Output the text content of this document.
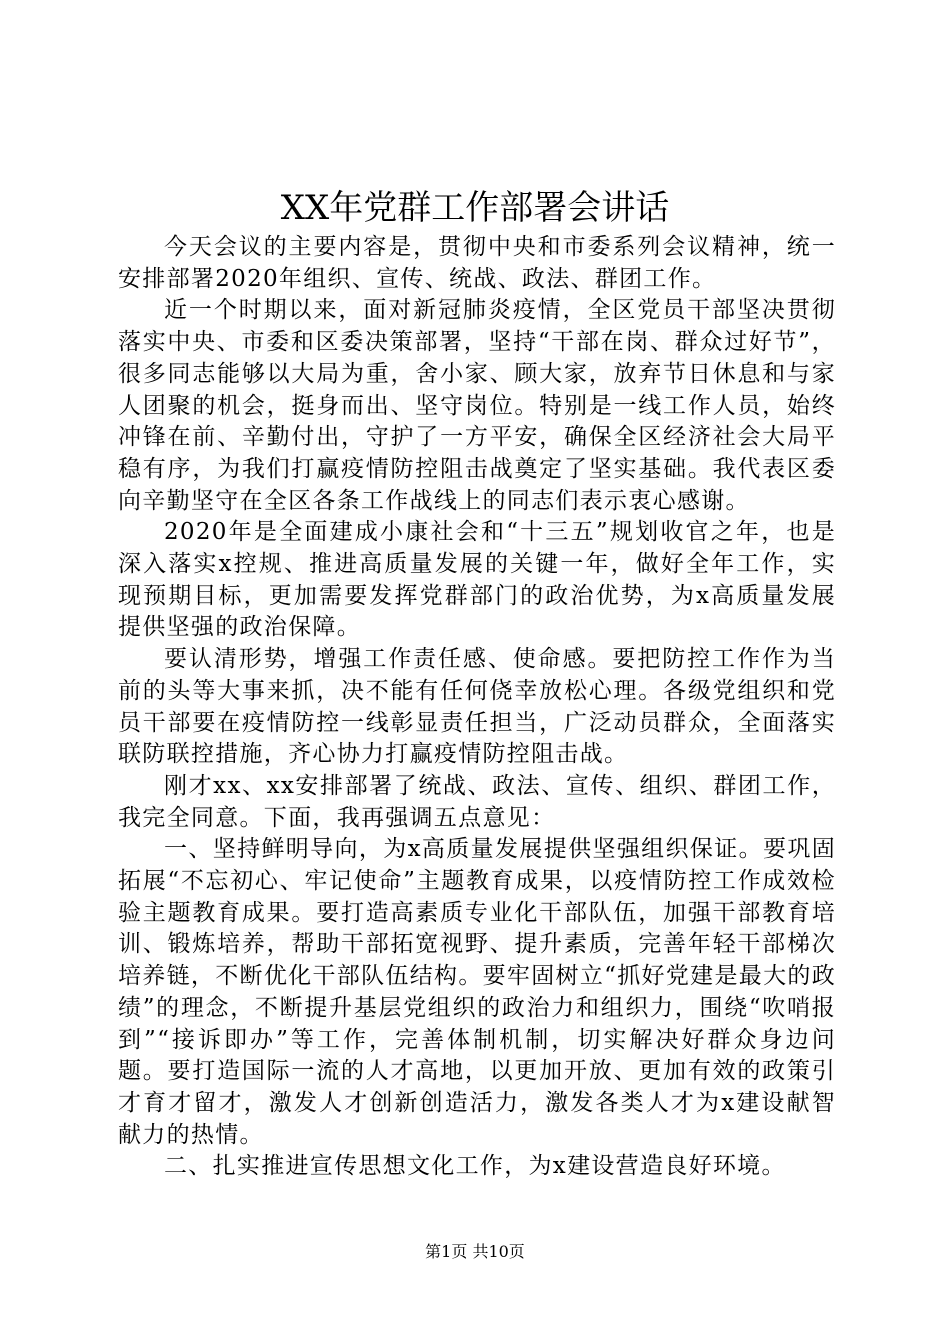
XX年党群工作部署会讲话

今天会议的主要内容是，贯彻中央和市委系列会议精神，统一安排部署2020年组织、宣传、统战、政法、群团工作。

近一个时期以来，面对新冠肺炎疫情，全区党员干部坚决贯彻落实中央、市委和区委决策部署，坚持“干部在岗、群众过好节”，很多同志能够以大局为重，舍小家、顾大家，放弃节日休息和与家人团聚的机会，挺身而出、坚守岗位。特别是一线工作人员，始终冲锋在前、辛勤付出，守护了一方平安，确保全区经济社会大局平稳有序，为我们打赢疫情防控阻击战奠定了坚实基础。我代表区委向辛勤坚守在全区各条工作战线上的同志们表示衷心感谢。

2020年是全面建成小康社会和“十三五”规划收官之年，也是深入落实x控规、推进高质量发展的关键一年，做好全年工作，实现预期目标，更加需要发挥党群部门的政治优势，为x高质量发展提供坚强的政治保障。

要认清形势，增强工作责任感、使命感。要把防控工作作为当前的头等大事来抓，决不能有任何侥幸放松心理。各级党组织和党员干部要在疫情防控一线彰显责任担当，广泛动员群众，全面落实联防联控措施，齐心协力打赢疫情防控阻击战。

刚才xx、xx安排部署了统战、政法、宣传、组织、群团工作，我完全同意。下面，我再强调五点意见：

一、坚持鲜明导向，为x高质量发展提供坚强组织保证。要巩固拓展“不忘初心、牢记使命”主题教育成果，以疫情防控工作成效检验主题教育成果。要打造高素质专业化干部队伍，加强干部教育培训、锻炼培养，帮助干部拓宽视野、提升素质，完善年轻干部梯次培养链，不断优化干部队伍结构。要牢固树立“抓好党建是最大的政绩”的理念，不断提升基层党组织的政治力和组织力，围绕“吹哨报到”“接诉即办”等工作，完善体制机制，切实解决好群众身边问题。要打造国际一流的人才高地，以更加开放、更加有效的政策引才育才留才，激发人才创新创造活力，激发各类人才为x建设献智献力的热情。

二、扎实推进宣传思想文化工作，为x建设营造良好环境。

第1页 共10页
